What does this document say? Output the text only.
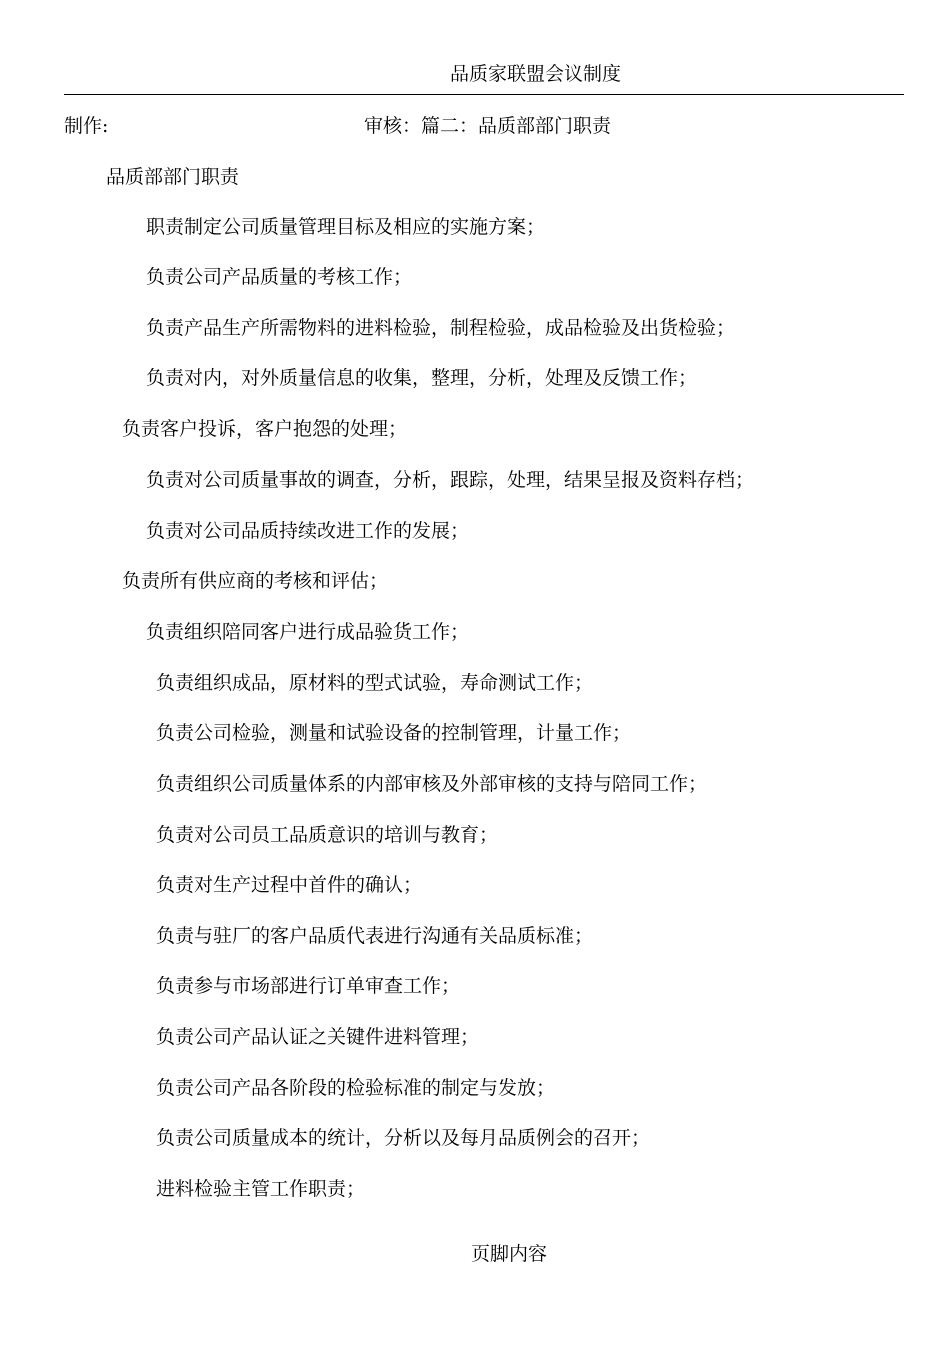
品质家联盟会议制度
制作:	审核：篇二：品质部部门职责
品质部部门职责
职责制定公司质量管理目标及相应的实施方案；
负责公司产品质量的考核工作；
负责产品生产所需物料的进料检验，制程检验，成品检验及出货检验；
负责对内，对外质量信息的收集，整理，分析，处理及反馈工作；
负责客户投诉，客户抱怨的处理；
负责对公司质量事故的调查，分析，跟踪，处理，结果呈报及资料存档；
负责对公司品质持续改进工作的发展；
负责所有供应商的考核和评估；
负责组织陪同客户进行成品验货工作；
负责组织成品，原材料的型式试验，寿命测试工作；
负责公司检验，测量和试验设备的控制管理，计量工作；
负责组织公司质量体系的内部审核及外部审核的支持与陪同工作；
负责对公司员工品质意识的培训与教育；
负责对生产过程中首件的确认；
负责与驻厂的客户品质代表进行沟通有关品质标准；
负责参与市场部进行订单审查工作；
负责公司产品认证之关键件进料管理；
负责公司产品各阶段的检验标准的制定与发放；
负责公司质量成本的统计，分析以及每月品质例会的召开；
进料检验主管工作职责；
页脚内容
